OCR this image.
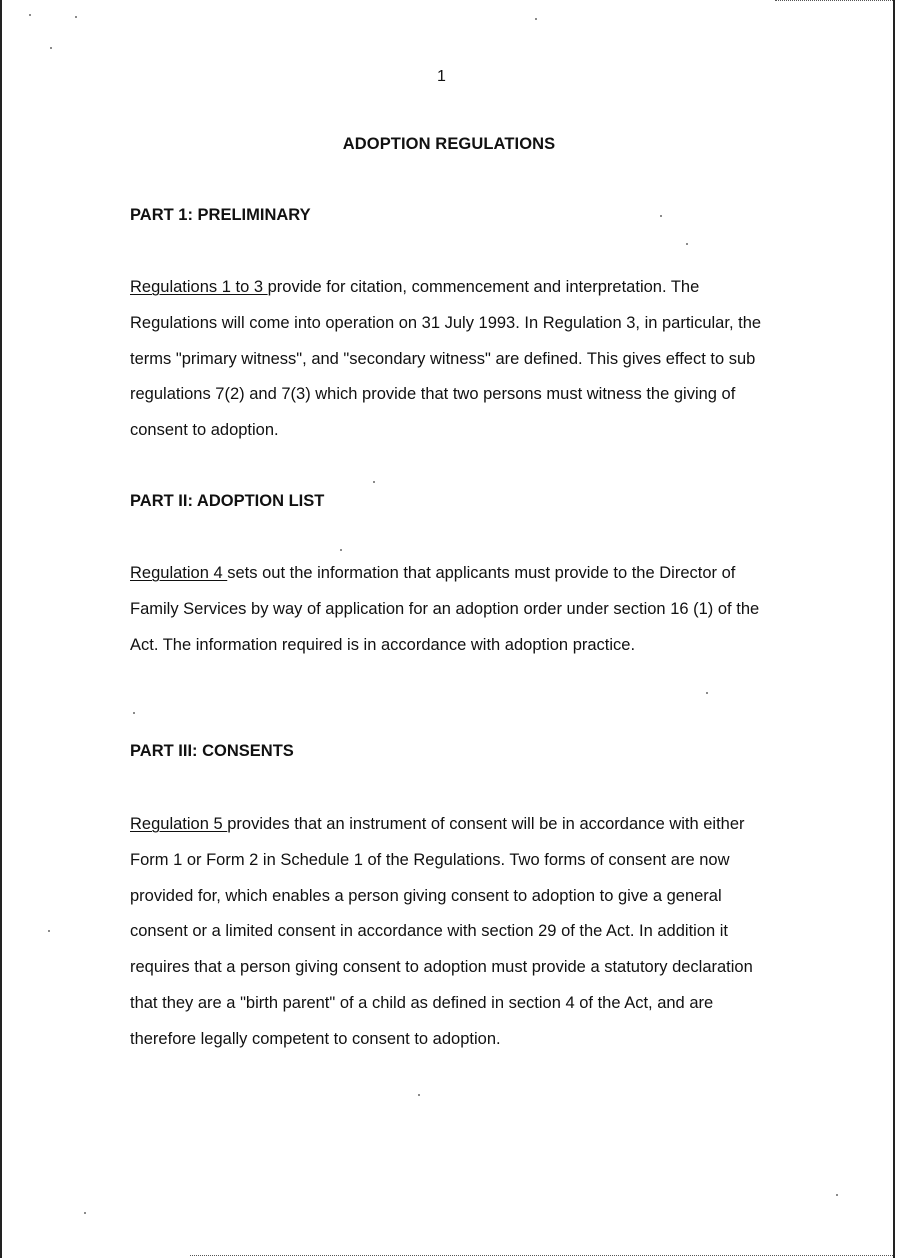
1
ADOPTION REGULATIONS
PART 1: PRELIMINARY

Regulations 1 to 3 provide for citation, commencement and interpretation. The Regulations will come into operation on 31 July 1993. In Regulation 3, in particular, the terms "primary witness", and "secondary witness" are defined. This gives effect to sub regulations 7(2) and 7(3) which provide that two persons must witness the giving of consent to adoption.

PART II: ADOPTION LIST

Regulation 4 sets out the information that applicants must provide to the Director of Family Services by way of application for an adoption order under section 16 (1) of the Act. The information required is in accordance with adoption practice.

PART III: CONSENTS

Regulation 5 provides that an instrument of consent will be in accordance with either Form 1 or Form 2 in Schedule 1 of the Regulations. Two forms of consent are now provided for, which enables a person giving consent to adoption to give a general consent or a limited consent in accordance with section 29 of the Act. In addition it requires that a person giving consent to adoption must provide a statutory declaration that they are a "birth parent" of a child as defined in section 4 of the Act, and are therefore legally competent to consent to adoption.
